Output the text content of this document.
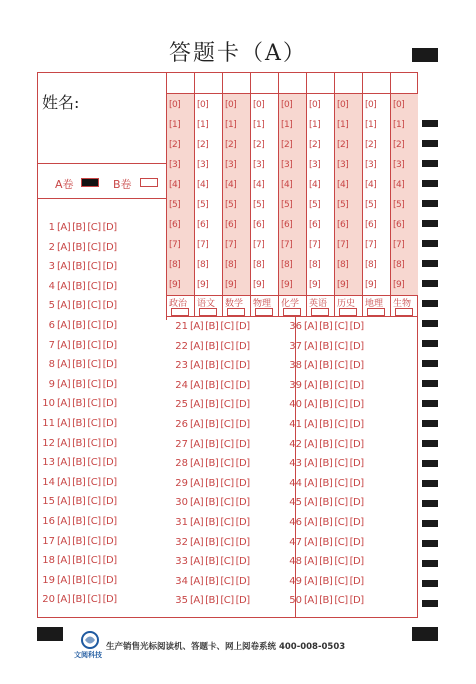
答题卡（A）
姓名:
A卷	B卷
[0]
[1]
[2]
[3]
[4]
[5]
[6]
[7]
[8]
[9]
[0]
[1]
[2]
[3]
[4]
[5]
[6]
[7]
[8]
[9]
[0]
[1]
[2]
[3]
[4]
[5]
[6]
[7]
[8]
[9]
[0]
[1]
[2]
[3]
[4]
[5]
[6]
[7]
[8]
[9]
[0]
[1]
[2]
[3]
[4]
[5]
[6]
[7]
[8]
[9]
[0]
[1]
[2]
[3]
[4]
[5]
[6]
[7]
[8]
[9]
[0]
[1]
[2]
[3]
[4]
[5]
[6]
[7]
[8]
[9]
[0]
[1]
[2]
[3]
[4]
[5]
[6]
[7]
[8]
[9]
[0]
[1]
[2]
[3]
[4]
[5]
[6]
[7]
[8]
[9]
政治 语文 数学 物理 化学 英语 历史 地理 生物
1 [A] [B] [C] [D]
2 [A] [B] [C] [D]
3 [A] [B] [C] [D]
4 [A] [B] [C] [D]
5 [A] [B] [C] [D]
6 [A] [B] [C] [D]
7 [A] [B] [C] [D]
8 [A] [B] [C] [D]
9 [A] [B] [C] [D]
10 [A] [B] [C] [D]
11 [A] [B] [C] [D]
12 [A] [B] [C] [D]
13 [A] [B] [C] [D]
14 [A] [B] [C] [D]
15 [A] [B] [C] [D]
16 [A] [B] [C] [D]
17 [A] [B] [C] [D]
18 [A] [B] [C] [D]
19 [A] [B] [C] [D]
20 [A] [B] [C] [D]
21 [A] [B] [C] [D]
22 [A] [B] [C] [D]
23 [A] [B] [C] [D]
24 [A] [B] [C] [D]
25 [A] [B] [C] [D]
26 [A] [B] [C] [D]
27 [A] [B] [C] [D]
28 [A] [B] [C] [D]
29 [A] [B] [C] [D]
30 [A] [B] [C] [D]
31 [A] [B] [C] [D]
32 [A] [B] [C] [D]
33 [A] [B] [C] [D]
34 [A] [B] [C] [D]
35 [A] [B] [C] [D]
36 [A] [B] [C] [D]
37 [A] [B] [C] [D]
38 [A] [B] [C] [D]
39 [A] [B] [C] [D]
40 [A] [B] [C] [D]
41 [A] [B] [C] [D]
42 [A] [B] [C] [D]
43 [A] [B] [C] [D]
44 [A] [B] [C] [D]
45 [A] [B] [C] [D]
46 [A] [B] [C] [D]
47 [A] [B] [C] [D]
48 [A] [B] [C] [D]
49 [A] [B] [C] [D]
50 [A] [B] [C] [D]
文阅科技
生产销售光标阅读机、答题卡、网上阅卷系统 400-008-0503
